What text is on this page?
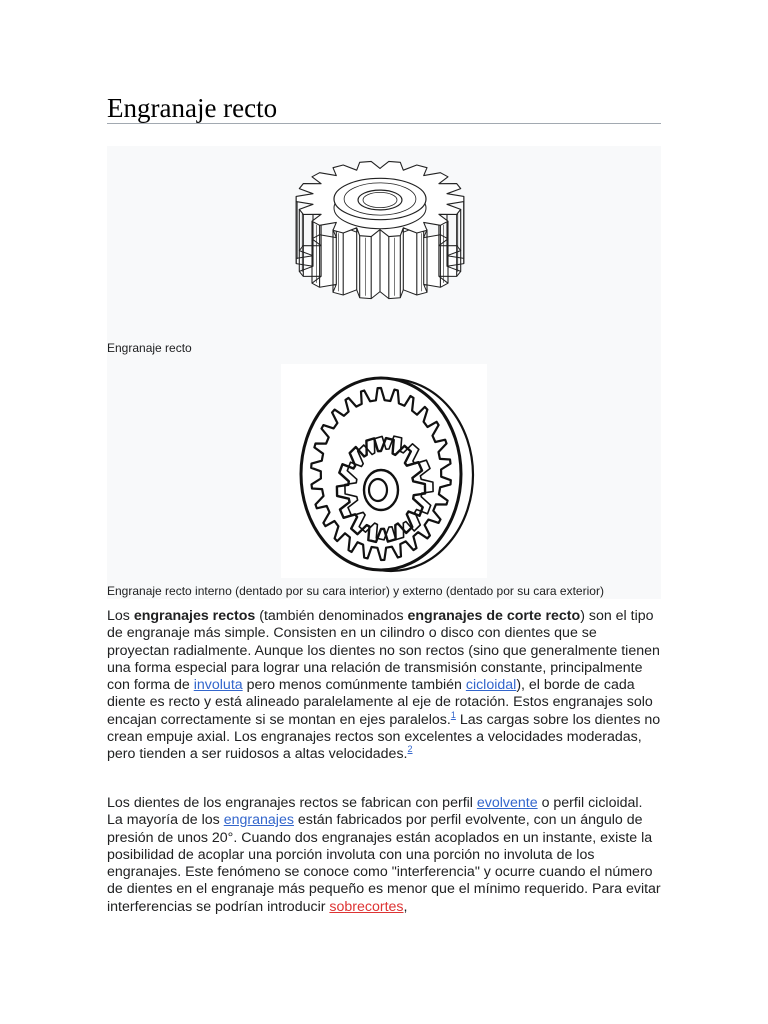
Engranaje recto
Engranaje recto
Engranaje recto interno (dentado por su cara interior) y externo (dentado por su cara exterior)

Los engranajes rectos (también denominados engranajes de corte recto) son el tipo de engranaje más simple. Consisten en un cilindro o disco con dientes que se proyectan radialmente. Aunque los dientes no son rectos (sino que generalmente tienen una forma especial para lograr una relación de transmisión constante, principalmente con forma de involuta pero menos comúnmente también cicloidal), el borde de cada diente es recto y está alineado paralelamente al eje de rotación. Estos engranajes solo encajan correctamente si se montan en ejes paralelos.$^1$ Las cargas sobre los dientes no crean empuje axial. Los engranajes rectos son excelentes a velocidades moderadas, pero tienden a ser ruidosos a altas velocidades.$^2$

Los dientes de los engranajes rectos se fabrican con perfil evolvente o perfil cicloidal. La mayoría de los engranajes están fabricados por perfil evolvente, con un ángulo de presión de unos 20°. Cuando dos engranajes están acoplados en un instante, existe la posibilidad de acoplar una porción involuta con una porción no involuta de los engranajes. Este fenómeno se conoce como "interferencia" y ocurre cuando el número de dientes en el engranaje más pequeño es menor que el mínimo requerido. Para evitar interferencias se podrían introducir sobrecortes,
